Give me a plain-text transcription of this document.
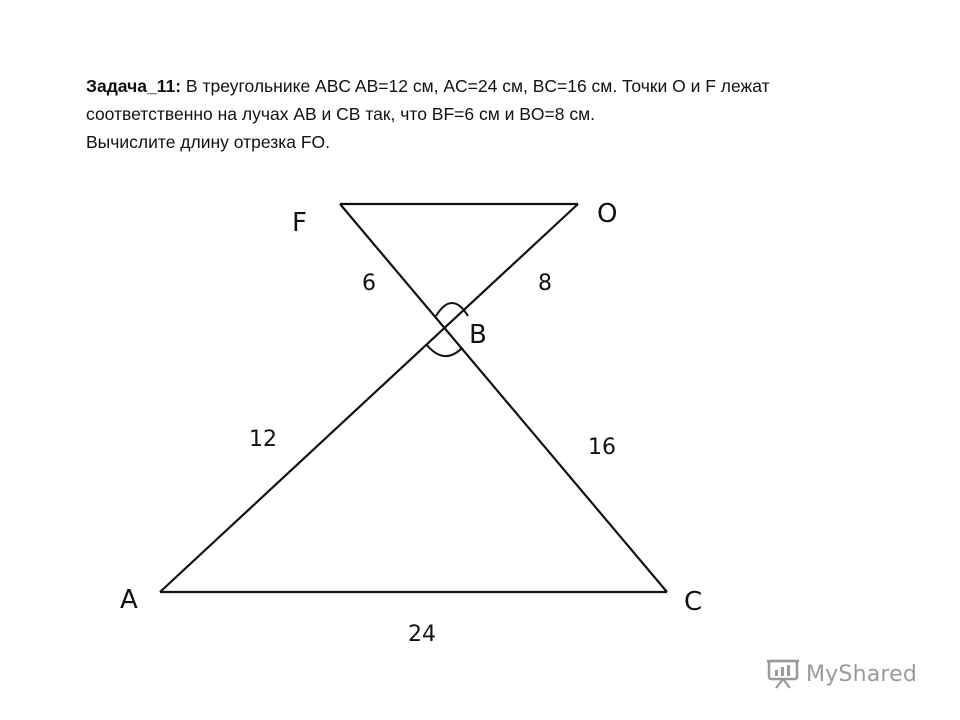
Задача_11: В треугольнике ABC AB=12 см, AC=24 см, BC=16 см. Точки О и F лежат
соответственно на лучах AB и CB так, что BF=6 см и BO=8 см.
Вычислите длину отрезка FO.
F	O
B
A	C
6	8
12	16
24
MyShared
